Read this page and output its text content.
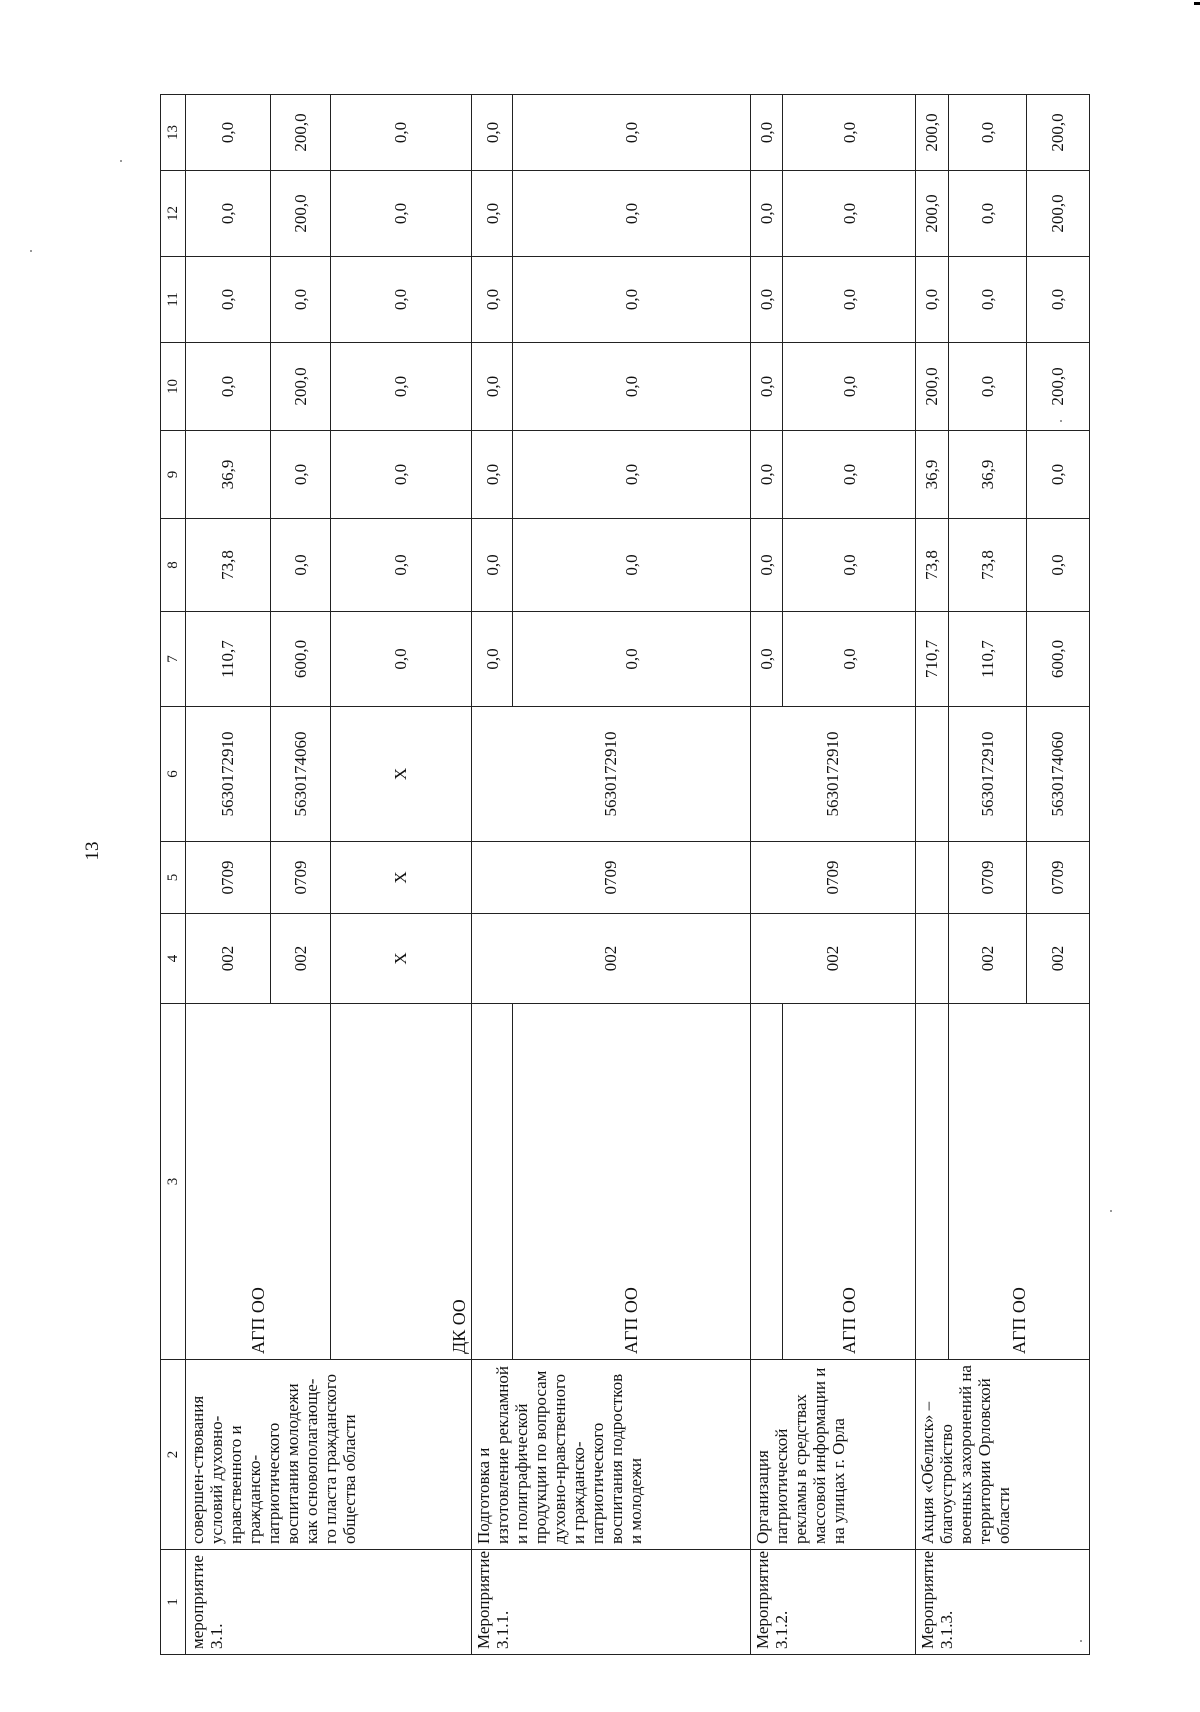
13
1	2	3	4	5	6	7	8	9	10	11	12	13
мероприятие 3.1.	совершен-ствования условий духовно-нравственного и гражданско-патриотического воспитания молодежи как основополагающе-го пласта гражданского общества области	АГП ОО	002	0709	5630172910	110,7	73,8	36,9	0,0	0,0	0,0	0,0
			002	0709	5630174060	600,0	0,0	0,0	200,0	0,0	200,0	200,0
		ДК ОО	Х	Х	Х	0,0	0,0	0,0	0,0	0,0	0,0	0,0
Мероприятие 3.1.1.	Подготовка и изготовление рекламной и полиграфической продукции по вопросам духовно-нравственного и гражданско-патриотического воспитания подростков и молодежи		002	0709	5630172910	0,0	0,0	0,0	0,0	0,0	0,0	0,0
		АГП ОО				0,0	0,0	0,0	0,0	0,0	0,0	0,0
Мероприятие 3.1.2.	Организация патриотической рекламы в средствах массовой информации и на улицах г. Орла		002	0709	5630172910	0,0	0,0	0,0	0,0	0,0	0,0	0,0
		АГП ОО				0,0	0,0	0,0	0,0	0,0	0,0	0,0
Мероприятие 3.1.3.	Акция «Обелиск» – благоустройство военных захоронений на территории Орловской области					710,7	73,8	36,9	200,0	0,0	200,0	200,0
		АГП ОО	002	0709	5630172910	110,7	73,8	36,9	0,0	0,0	0,0	0,0
			002	0709	5630174060	600,0	0,0	0,0	200,0	0,0	200,0	200,0
